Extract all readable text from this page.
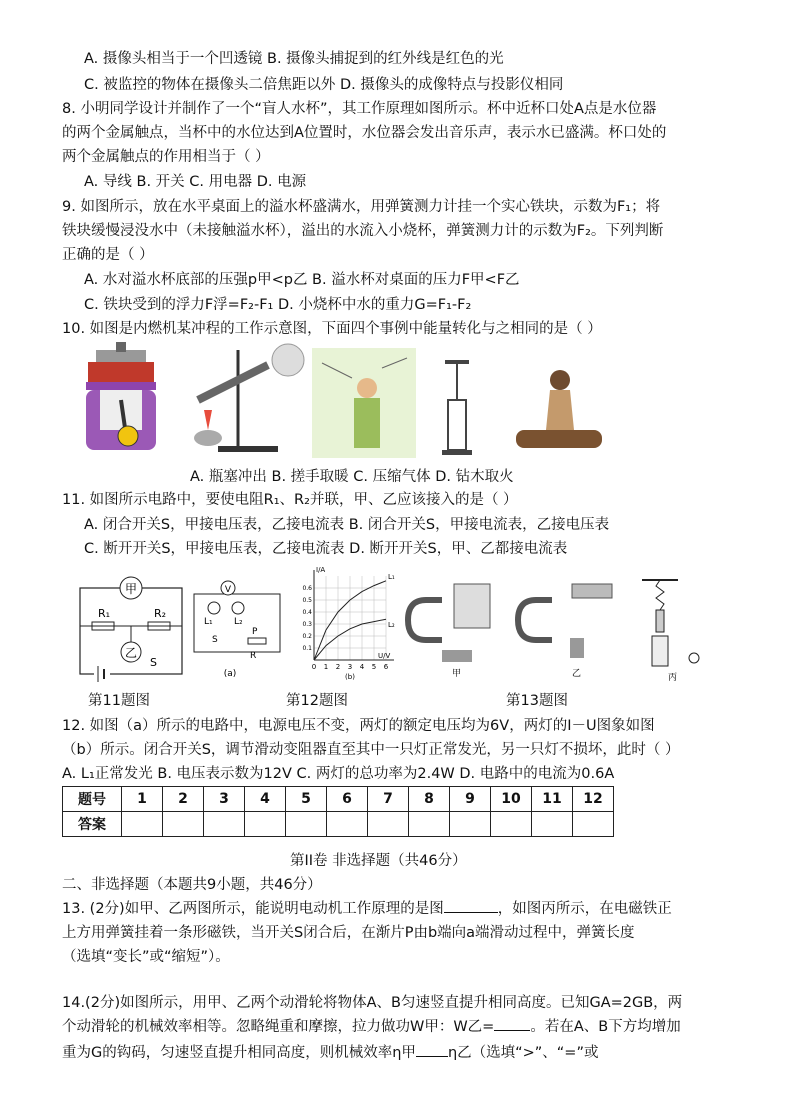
A. 摄像头相当于一个凹透镜 B. 摄像头捕捉到的红外线是红色的光
C. 被监控的物体在摄像头二倍焦距以外 D. 摄像头的成像特点与投影仪相同
8. 小明同学设计并制作了一个“盲人水杯”，其工作原理如图所示。杯中近杯口处A点是水位器
的两个金属触点，当杯中的水位达到A位置时，水位器会发出音乐声，表示水已盛满。杯口处的
两个金属触点的作用相当于（ ）
A. 导线 B. 开关 C. 用电器 D. 电源
9. 如图所示，放在水平桌面上的溢水杯盛满水，用弹簧测力计挂一个实心铁块，示数为F₁；将
铁块缓慢浸没水中（未接触溢水杯），溢出的水流入小烧杯，弹簧测力计的示数为F₂。下列判断
正确的是（ ）
A. 水对溢水杯底部的压强p甲<p乙 B. 溢水杯对桌面的压力F甲<F乙
C. 铁块受到的浮力F浮=F₂-F₁ D. 小烧杯中水的重力G=F₁-F₂
10. 如图是内燃机某冲程的工作示意图，下面四个事例中能量转化与之相同的是（ ）
A. 瓶塞冲出 B. 搓手取暖 C. 压缩气体 D. 钻木取火
11. 如图所示电路中，要使电阻R₁、R₂并联，甲、乙应该接入的是（ ）
A. 闭合开关S，甲接电压表，乙接电流表 B. 闭合开关S，甲接电流表，乙接电压表
C. 断开开关S，甲接电压表，乙接电流表 D. 断开开关S，甲、乙都接电流表
甲
R₁	R₂
乙
S
V
L₁ L₂
S
P
R
(a)
0 1 2 3 4 5 6
0.1
0.2
0.3
0.4
0.5
0.6
I/A
U/V
(b)
L₁
L₂
甲	乙	丙
第11题图	第12题图	第13题图
12. 如图（a）所示的电路中，电源电压不变，两灯的额定电压均为6V，两灯的I－U图象如图
（b）所示。闭合开关S，调节滑动变阻器直至其中一只灯正常发光，另一只灯不损坏，此时（ ）
A. L₁正常发光 B. 电压表示数为12V C. 两灯的总功率为2.4W D. 电路中的电流为0.6A
题号	1	2	3	4	5	6	7	8	9	10	11	12
答案												
第II卷 非选择题（共46分）
二、非选择题（本题共9小题，共46分）
13. (2分)如甲、乙两图所示，能说明电动机工作原理的是图	，如图丙所示，在电磁铁正
上方用弹簧挂着一条形磁铁，当开关S闭合后，在渐片P由b端向a端滑动过程中，弹簧长度
（选填“变长”或“缩短”）。
14.(2分)如图所示，用甲、乙两个动滑轮将物体A、B匀速竖直提升相同高度。已知GA=2GB，两
个动滑轮的机械效率相等。忽略绳重和摩擦，拉力做功W甲：W乙= 。若在A、B下方均增加
重为G的钩码，匀速竖直提升相同高度，则机械效率η甲 η乙（选填“>”、“=”或
